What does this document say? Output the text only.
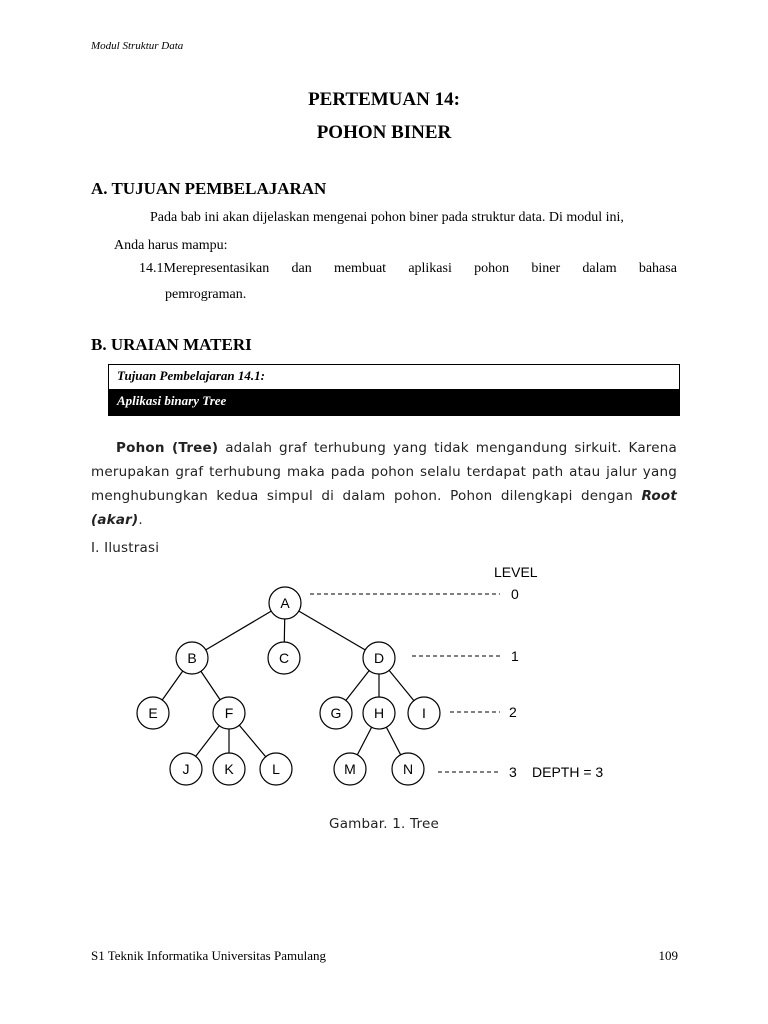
Modul Struktur Data
PERTEMUAN 14:
POHON BINER
A. TUJUAN PEMBELAJARAN
Pada bab ini akan dijelaskan mengenai pohon biner pada struktur data. Di modul ini,
Anda harus mampu:
14.1 Merepresentasikan dan membuat aplikasi pohon biner dalam bahasa
pemrograman.
B. URAIAN MATERI
Tujuan Pembelajaran 14.1:
Aplikasi binary Tree
Pohon (Tree) adalah graf terhubung yang tidak mengandung sirkuit. Karena
merupakan graf terhubung maka pada pohon selalu terdapat path atau jalur yang
menghubungkan kedua simpul di dalam pohon. Pohon dilengkapi dengan Root
(akar).
I. Ilustrasi
A
B	C	D
E	F	G H	I
J K	L	M	N
LEVEL
0
1
2
3 DEPTH = 3
Gambar. 1. Tree
S1 Teknik Informatika Universitas Pamulang	109
